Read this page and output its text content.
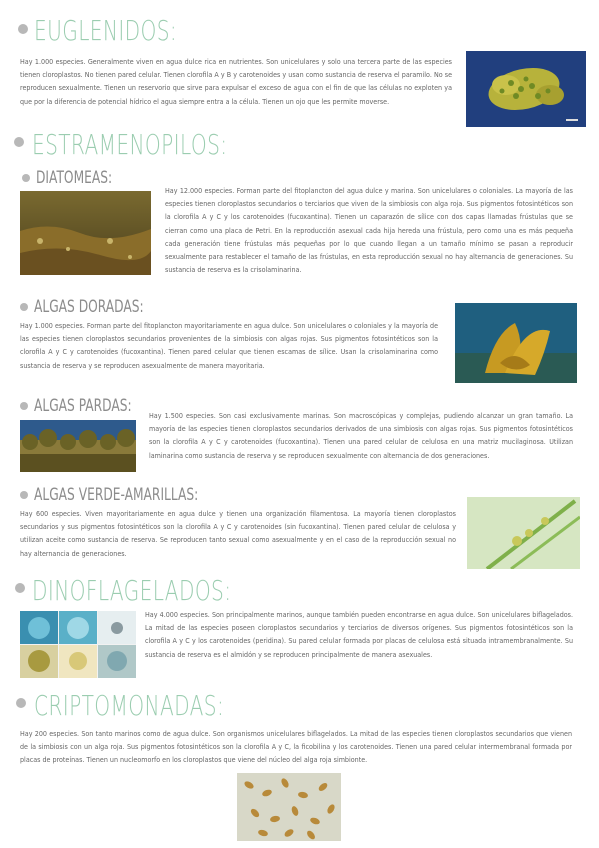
EUGLENIDOS:
Hay 1.000 especies. Generalmente viven en agua dulce rica en nutrientes. Son unicelulares y solo una tercera parte de las especies tienen cloroplastos. No tienen pared celular. Tienen clorofila A y B y carotenoides y usan como sustancia de reserva el paramilo. No se reproducen sexualmente. Tienen un reservorio que sirve para expulsar el exceso de agua con el fin de que las células no exploten ya que por la diferencia de potencial hídrico el agua siempre entra a la célula. Tienen un ojo que les permite moverse.
ESTRAMENOPILOS:
DIATOMEAS:
Hay 12.000 especies. Forman parte del fitoplancton del agua dulce y marina. Son unicelulares o coloniales. La mayoría de las especies tienen cloroplastos secundarios o terciarios que viven de la simbiosis con alga roja. Sus pigmentos fotosintéticos son la clorofila A y C y los carotenoides (fucoxantina). Tienen un caparazón de sílice con dos capas llamadas frústulas que se cierran como una placa de Petri. En la reproducción asexual cada hija hereda una frústula, pero como una es más pequeña cada generación tiene frústulas más pequeñas por lo que cuando llegan a un tamaño mínimo se pasan a reproducir sexualmente para restablecer el tamaño de las frústulas, en esta reproducción sexual no hay alternancia de generaciones. Su sustancia de reserva es la crisolaminarina.
ALGAS DORADAS:
Hay 1.000 especies. Forman parte del fitoplancton mayoritariamente en agua dulce. Son unicelulares o coloniales y la mayoría de las especies tienen cloroplastos secundarios provenientes de la simbiosis con algas rojas. Sus pigmentos fotosintéticos son la clorofila A y C y carotenoides (fucoxantina). Tienen pared celular que tienen escamas de sílice. Usan la crisolaminarina como sustancia de reserva y se reproducen asexualmente de manera mayoritaria.
ALGAS PARDAS: Hay 1.500 especies. Son casi exclusivamente marinas. Son macroscópicas y complejas, pudiendo alcanzar un gran tamaño. La mayoría de las especies tienen cloroplastos secundarios derivados de una simbiosis con algas rojas. Sus pigmentos fotosintéticos son la clorofila A y C y carotenoides (fucoxantina). Tienen una pared celular de celulosa en una matriz mucilaginosa. Utilizan laminarina como sustancia de reserva y se reproducen sexualmente con alternancia de dos generaciones.
ALGAS VERDE-AMARILLAS:
Hay 600 especies. Viven mayoritariamente en agua dulce y tienen una organización filamentosa. La mayoría tienen cloroplastos secundarios y sus pigmentos fotosintéticos son la clorofila A y C y carotenoides (sin fucoxantina). Tienen pared celular de celulosa y utilizan aceite como sustancia de reserva. Se reproducen tanto sexual como asexualmente y en el caso de la reproducción sexual no hay alternancia de generaciones.
DINOFLAGELADOS:
Hay 4.000 especies. Son principalmente marinos, aunque también pueden encontrarse en agua dulce. Son unicelulares biflagelados. La mitad de las especies poseen cloroplastos secundarios y terciarios de diversos orígenes. Sus pigmentos fotosintéticos son la clorofila A y C y los carotenoides (peridina). Su pared celular formada por placas de celulosa está situada intramembranalmente. Su sustancia de reserva es el almidón y se reproducen principalmente de manera asexuales.
CRIPTOMONADAS:
Hay 200 especies. Son tanto marinos como de agua dulce. Son organismos unicelulares biflagelados. La mitad de las especies tienen cloroplastos secundarios que vienen de la simbiosis con un alga roja. Sus pigmentos fotosintéticos son la clorofila A y C, la ficobilina y los carotenoides. Tienen una pared celular intermembranal formada por placas de proteínas. Tienen un nucleomorfo en los cloroplastos que viene del núcleo del alga roja simbionte.
